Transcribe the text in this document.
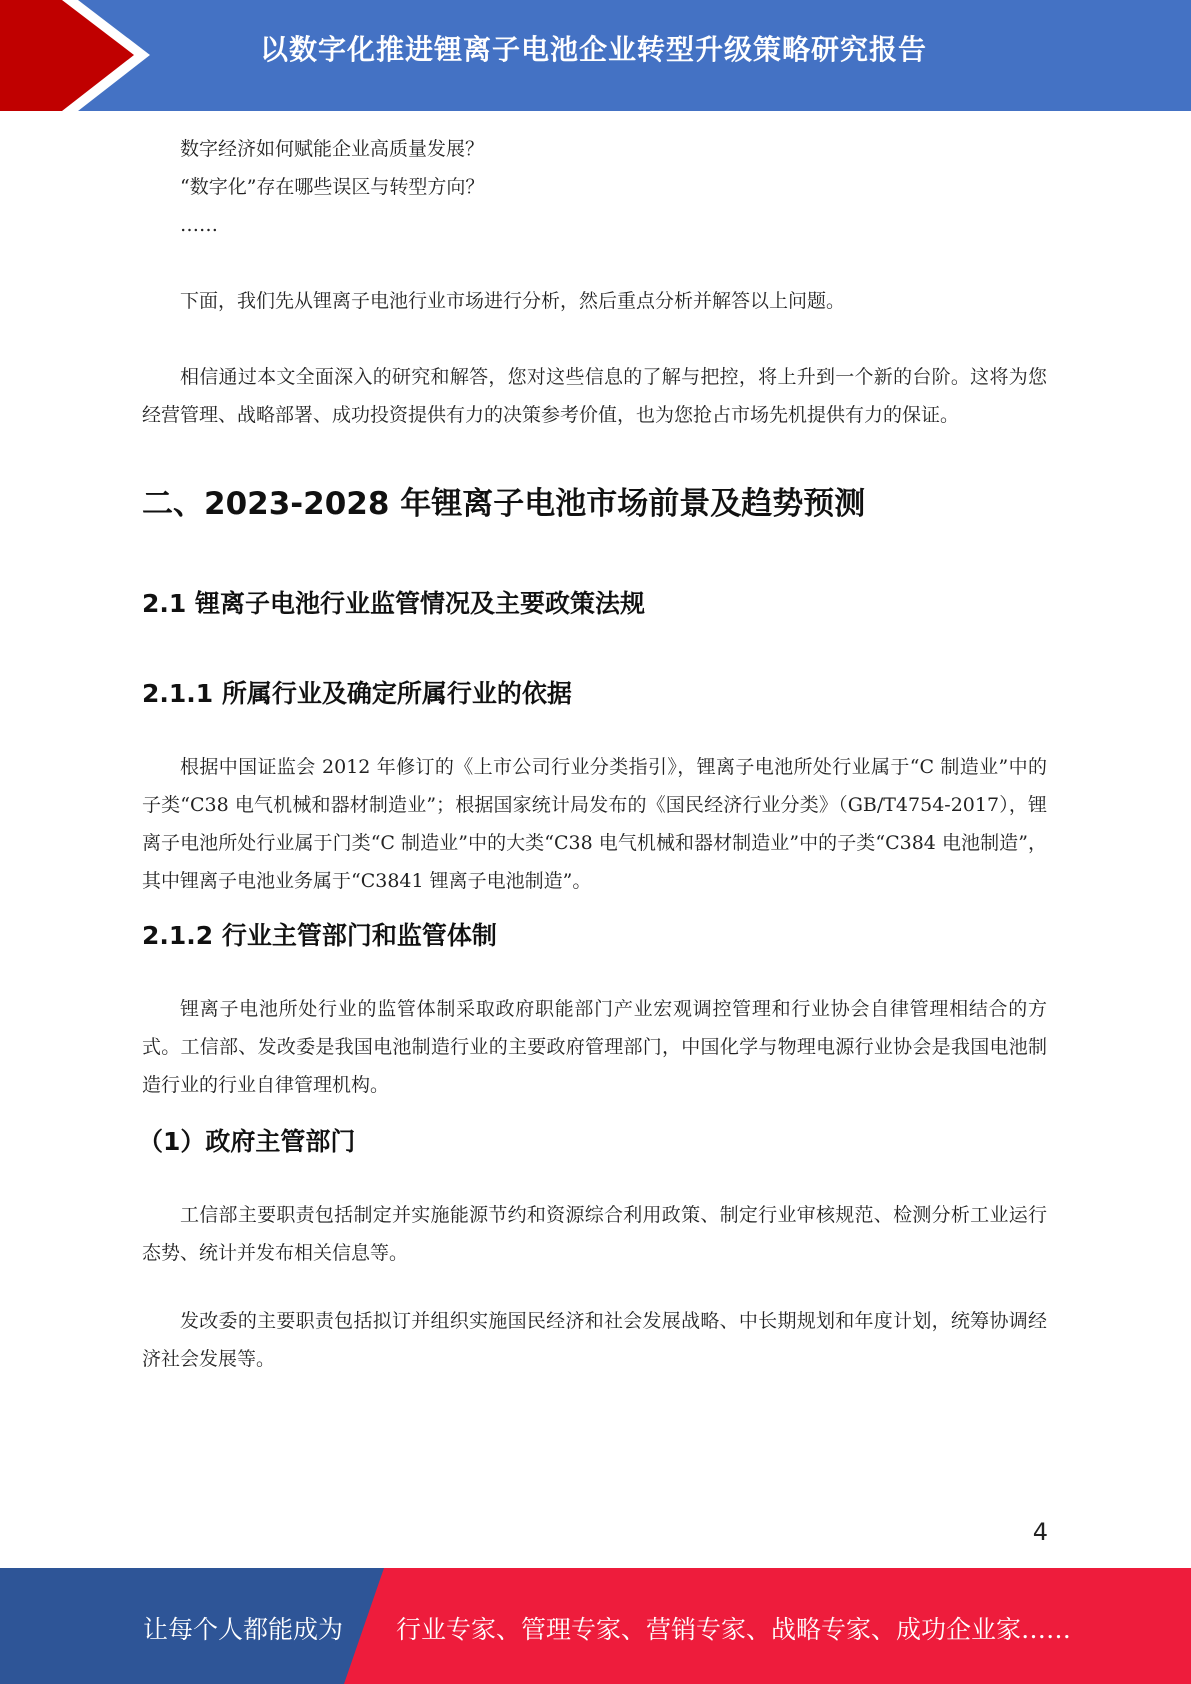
以数字化推进锂离子电池企业转型升级策略研究报告

数字经济如何赋能企业高质量发展？

“数字化”存在哪些误区与转型方向？

……

下面，我们先从锂离子电池行业市场进行分析，然后重点分析并解答以上问题。

相信通过本文全面深入的研究和解答，您对这些信息的了解与把控，将上升到一个新的台阶。这将为您经营管理、战略部署、成功投资提供有力的决策参考价值，也为您抢占市场先机提供有力的保证。

二、2023-2028 年锂离子电池市场前景及趋势预测
2.1 锂离子电池行业监管情况及主要政策法规
2.1.1 所属行业及确定所属行业的依据

根据中国证监会 2012 年修订的《上市公司行业分类指引》，锂离子电池所处行业属于“C 制造业”中的子类“C38 电气机械和器材制造业”；根据国家统计局发布的《国民经济行业分类》（GB/T4754-2017），锂离子电池所处行业属于门类“C 制造业”中的大类“C38 电气机械和器材制造业”中的子类“C384 电池制造”，其中锂离子电池业务属于“C3841 锂离子电池制造”。

2.1.2 行业主管部门和监管体制

锂离子电池所处行业的监管体制采取政府职能部门产业宏观调控管理和行业协会自律管理相结合的方式。工信部、发改委是我国电池制造行业的主要政府管理部门，中国化学与物理电源行业协会是我国电池制造行业的行业自律管理机构。

（1）政府主管部门

工信部主要职责包括制定并实施能源节约和资源综合利用政策、制定行业审核规范、检测分析工业运行态势、统计并发布相关信息等。

发改委的主要职责包括拟订并组织实施国民经济和社会发展战略、中长期规划和年度计划，统筹协调经济社会发展等。

4
让每个人都能成为 行业专家、管理专家、营销专家、战略专家、成功企业家……
